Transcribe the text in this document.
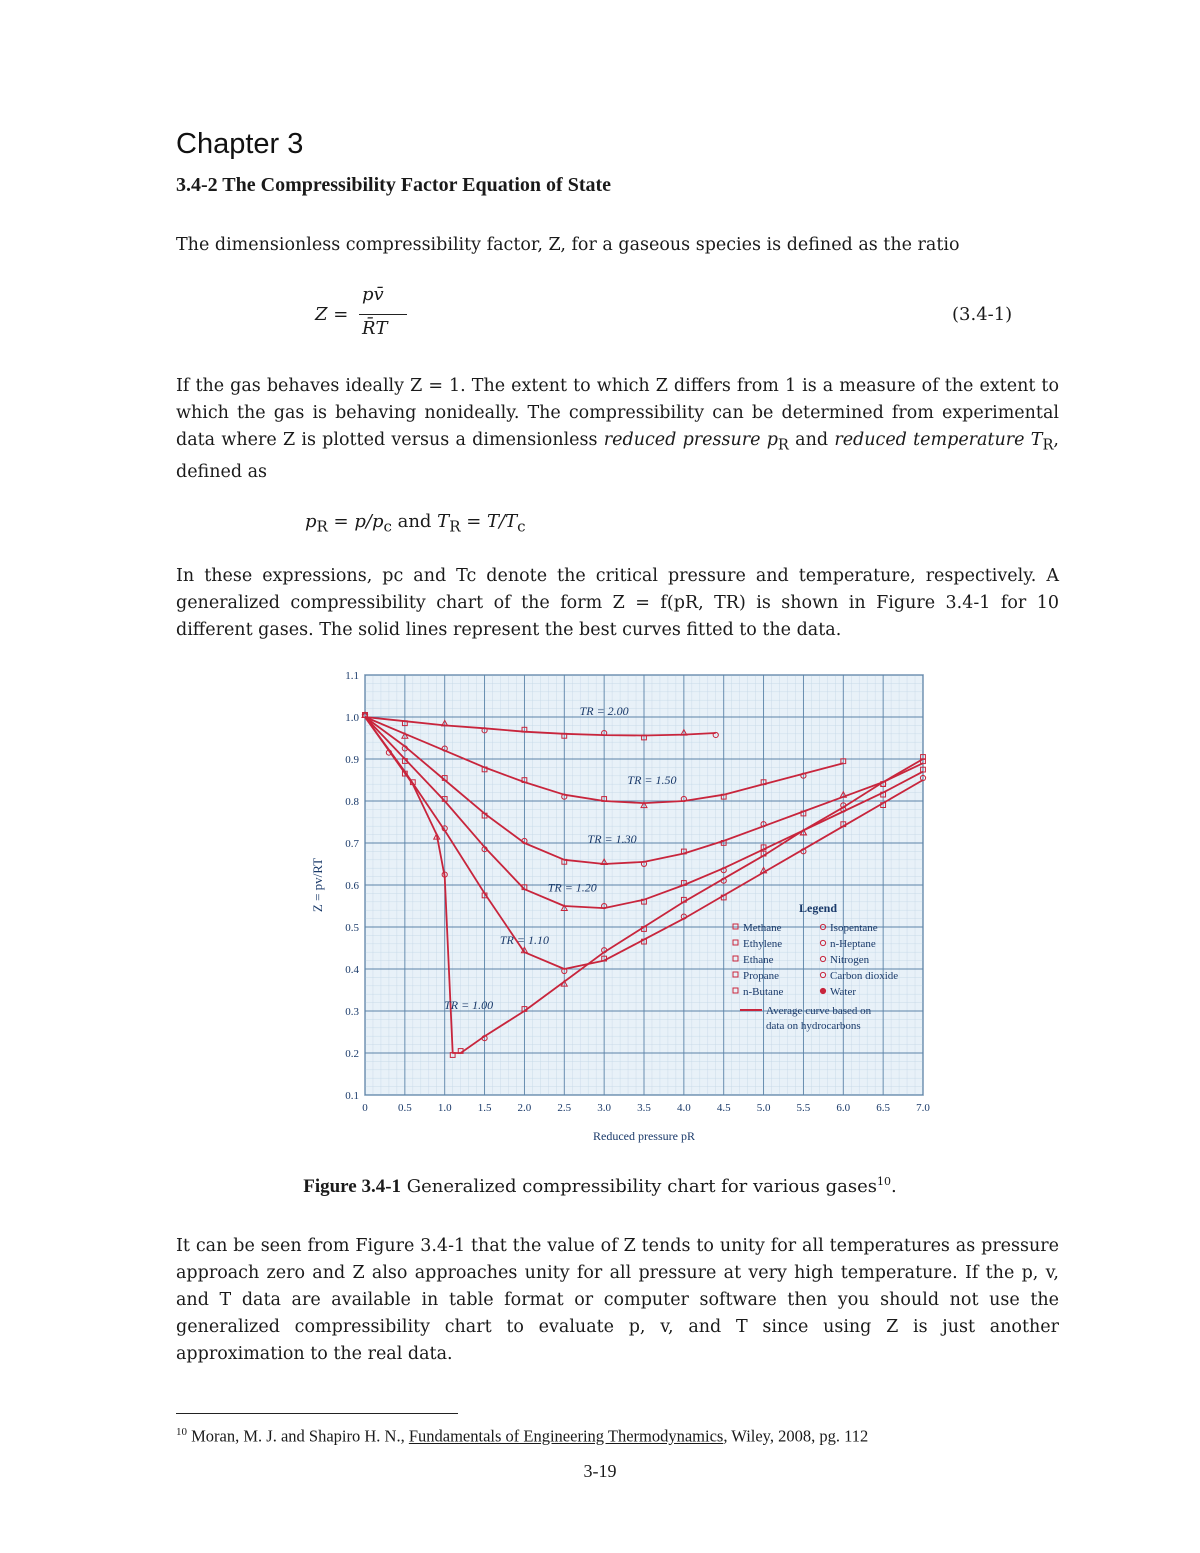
Chapter 3
3.4-2 The Compressibility Factor Equation of State

The dimensionless compressibility factor, Z, for a gaseous species is defined as the ratio

Z =
pv̄
R̄T
(3.4-1)

If the gas behaves ideally Z = 1. The extent to which Z differs from 1 is a measure of the extent to which the gas is behaving nonideally. The compressibility can be determined from experimental data where Z is plotted versus a dimensionless reduced pressure $p_R$ and reduced temperature $T_R$, defined as

$p_R = p/p_c$ and $T_R = T/T_c$

In these expressions, pc and Tc denote the critical pressure and temperature, respectively. A generalized compressibility chart of the form Z = f(pR, TR) is shown in Figure 3.4-1 for 10 different gases. The solid lines represent the best curves fitted to the data.

0	0.5 1.0 1.5 2.0 2.5 3.0 3.5 4.0 4.5 5.0 5.5 6.0 6.5 7.0
0.1
0.2
0.3
0.4
0.5
0.6
0.7
0.8
0.9
1.0
1.1
Reduced pressure pR
Z = pv/RT
TR = 2.00
TR = 1.50
TR = 1.30
TR = 1.20
TR = 1.10
TR = 1.00
Legend
Methane
Ethylene
Ethane
Propane
n-Butane
Isopentane
n-Heptane
Nitrogen
Carbon dioxide
Water
Average curve based on
data on hydrocarbons
Figure 3.4-1 Generalized compressibility chart for various gases$^{10}$.

It can be seen from Figure 3.4-1 that the value of Z tends to unity for all temperatures as pressure approach zero and Z also approaches unity for all pressure at very high temperature. If the p, v, and T data are available in table format or computer software then you should not use the generalized compressibility chart to evaluate p, v, and T since using Z is just another approximation to the real data.

$^{10}$ Moran, M. J. and Shapiro H. N., Fundamentals of Engineering Thermodynamics, Wiley, 2008, pg. 112
3-19
